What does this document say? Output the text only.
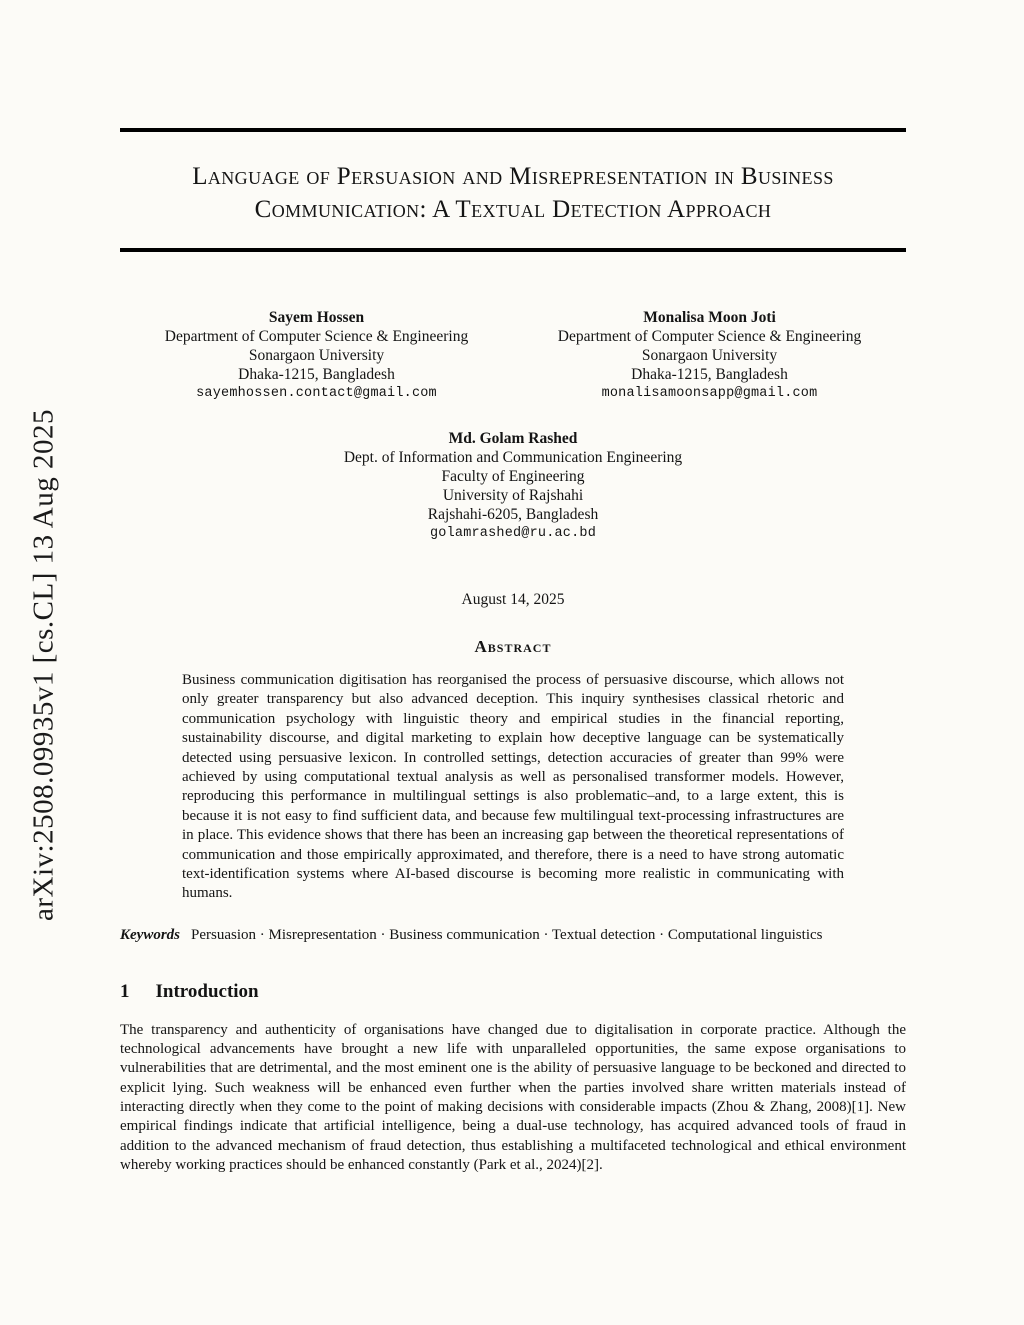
arXiv:2508.09935v1 [cs.CL] 13 Aug 2025
Language of Persuasion and Misrepresentation in Business Communication: A Textual Detection Approach
Sayem Hossen
Department of Computer Science & Engineering
Sonargaon University
Dhaka-1215, Bangladesh
sayemhossen.contact@gmail.com
Monalisa Moon Joti
Department of Computer Science & Engineering
Sonargaon University
Dhaka-1215, Bangladesh
monalisamoonsapp@gmail.com
Md. Golam Rashed
Dept. of Information and Communication Engineering
Faculty of Engineering
University of Rajshahi
Rajshahi-6205, Bangladesh
golamrashed@ru.ac.bd
August 14, 2025
Abstract

Business communication digitisation has reorganised the process of persuasive discourse, which allows not only greater transparency but also advanced deception. This inquiry synthesises classical rhetoric and communication psychology with linguistic theory and empirical studies in the financial reporting, sustainability discourse, and digital marketing to explain how deceptive language can be systematically detected using persuasive lexicon. In controlled settings, detection accuracies of greater than 99% were achieved by using computational textual analysis as well as personalised transformer models. However, reproducing this performance in multilingual settings is also problematic–and, to a large extent, this is because it is not easy to find sufficient data, and because few multilingual text-processing infrastructures are in place. This evidence shows that there has been an increasing gap between the theoretical representations of communication and those empirically approximated, and therefore, there is a need to have strong automatic text-identification systems where AI-based discourse is becoming more realistic in communicating with humans.

Keywords Persuasion · Misrepresentation · Business communication · Textual detection · Computational linguistics

1 Introduction

The transparency and authenticity of organisations have changed due to digitalisation in corporate practice. Although the technological advancements have brought a new life with unparalleled opportunities, the same expose organisations to vulnerabilities that are detrimental, and the most eminent one is the ability of persuasive language to be beckoned and directed to explicit lying. Such weakness will be enhanced even further when the parties involved share written materials instead of interacting directly when they come to the point of making decisions with considerable impacts (Zhou & Zhang, 2008)[1]. New empirical findings indicate that artificial intelligence, being a dual-use technology, has acquired advanced tools of fraud in addition to the advanced mechanism of fraud detection, thus establishing a multifaceted technological and ethical environment whereby working practices should be enhanced constantly (Park et al., 2024)[2].
